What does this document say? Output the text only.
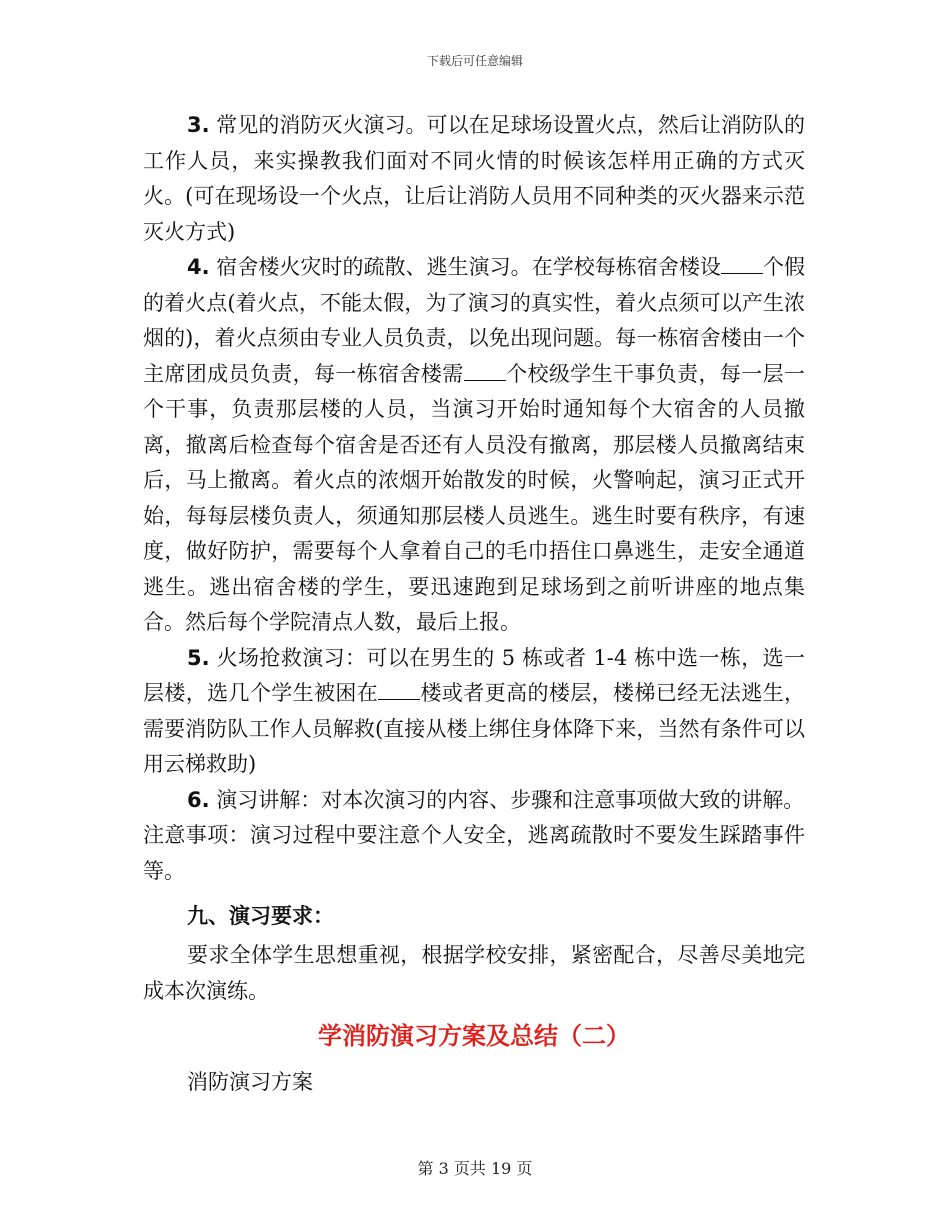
下载后可任意编辑

3. 常见的消防灭火演习。可以在足球场设置火点，然后让消防队的工作人员，来实操教我们面对不同火情的时候该怎样用正确的方式灭火。(可在现场设一个火点，让后让消防人员用不同种类的灭火器来示范灭火方式)

4. 宿舍楼火灾时的疏散、逃生演习。在学校每栋宿舍楼设 个假的着火点(着火点，不能太假，为了演习的真实性，着火点须可以产生浓烟的)，着火点须由专业人员负责，以免出现问题。每一栋宿舍楼由一个主席团成员负责，每一栋宿舍楼需 个校级学生干事负责，每一层一个干事，负责那层楼的人员，当演习开始时通知每个大宿舍的人员撤离，撤离后检查每个宿舍是否还有人员没有撤离，那层楼人员撤离结束后，马上撤离。着火点的浓烟开始散发的时候，火警响起，演习正式开始，每每层楼负责人，须通知那层楼人员逃生。逃生时要有秩序，有速度，做好防护，需要每个人拿着自己的毛巾捂住口鼻逃生，走安全通道逃生。逃出宿舍楼的学生，要迅速跑到足球场到之前听讲座的地点集合。然后每个学院清点人数，最后上报。

5. 火场抢救演习：可以在男生的 5 栋或者 1-4 栋中选一栋，选一层楼，选几个学生被困在 楼或者更高的楼层，楼梯已经无法逃生，需要消防队工作人员解救(直接从楼上绑住身体降下来，当然有条件可以用云梯救助)

6. 演习讲解：对本次演习的内容、步骤和注意事项做大致的讲解。

注意事项：演习过程中要注意个人安全，逃离疏散时不要发生踩踏事件等。

九、演习要求：

要求全体学生思想重视，根据学校安排，紧密配合，尽善尽美地完成本次演练。

学消防演习方案及总结（二）

消防演习方案

第 3 页共 19 页
